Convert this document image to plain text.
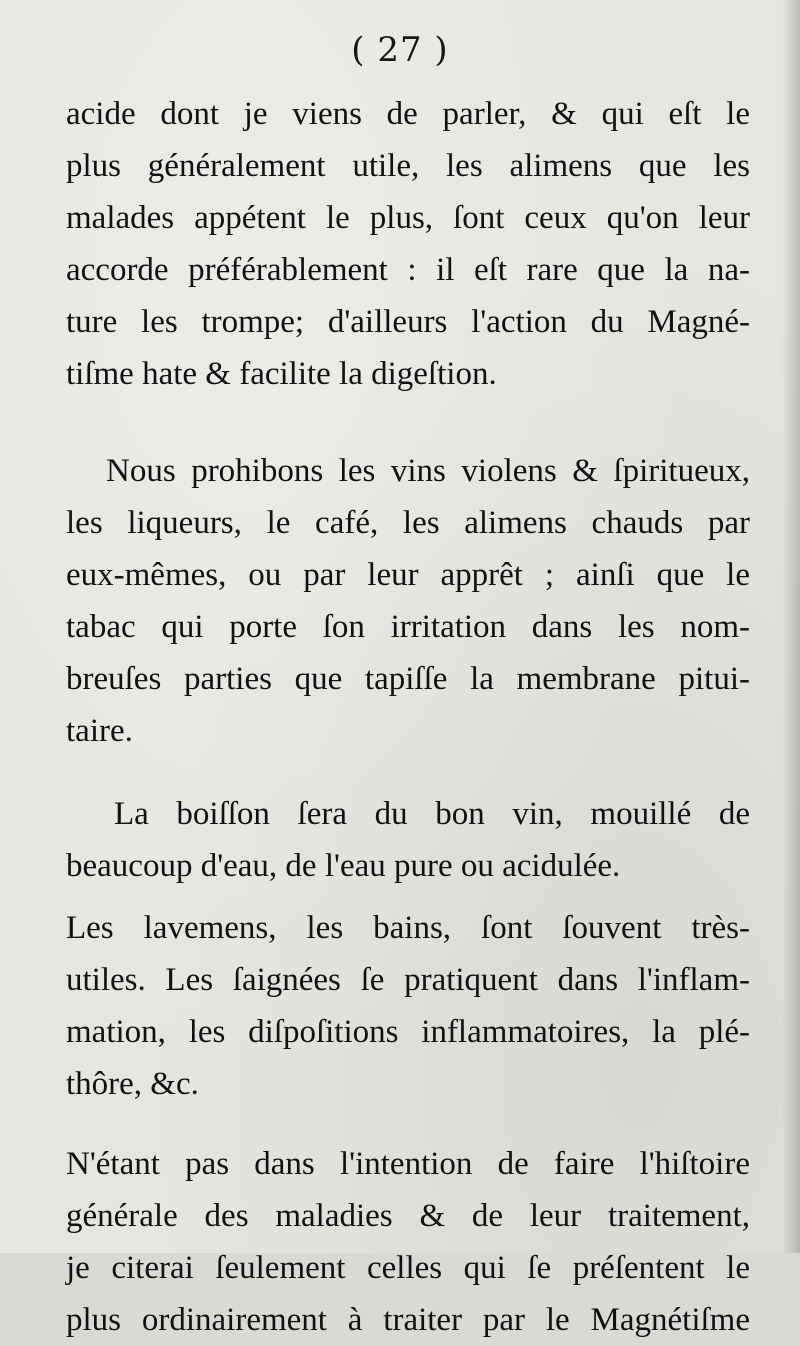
( 27 )

acide dont je viens de parler, & qui eſt le
plus généralement utile, les alimens que les
malades appétent le plus, ſont ceux qu'on leur
accorde préférablement : il eſt rare que la na-
ture les trompe; d'ailleurs l'action du Magné-
tiſme hate & facilite la digeſtion.

Nous prohibons les vins violens & ſpiritueux,
les liqueurs, le café, les alimens chauds par
eux-mêmes, ou par leur apprêt ; ainſi que le
tabac qui porte ſon irritation dans les nom-
breuſes parties que tapiſſe la membrane pitui-
taire.

La boiſſon ſera du bon vin, mouillé de
beaucoup d'eau, de l'eau pure ou acidulée.

Les lavemens, les bains, ſont ſouvent très-
utiles. Les ſaignées ſe pratiquent dans l'inflam-
mation, les diſpoſitions inflammatoires, la plé-
thôre, &c.

N'étant pas dans l'intention de faire l'hiſtoire
générale des maladies & de leur traitement,
je citerai ſeulement celles qui ſe préſentent le
plus ordinairement à traiter par le Magnétiſme
